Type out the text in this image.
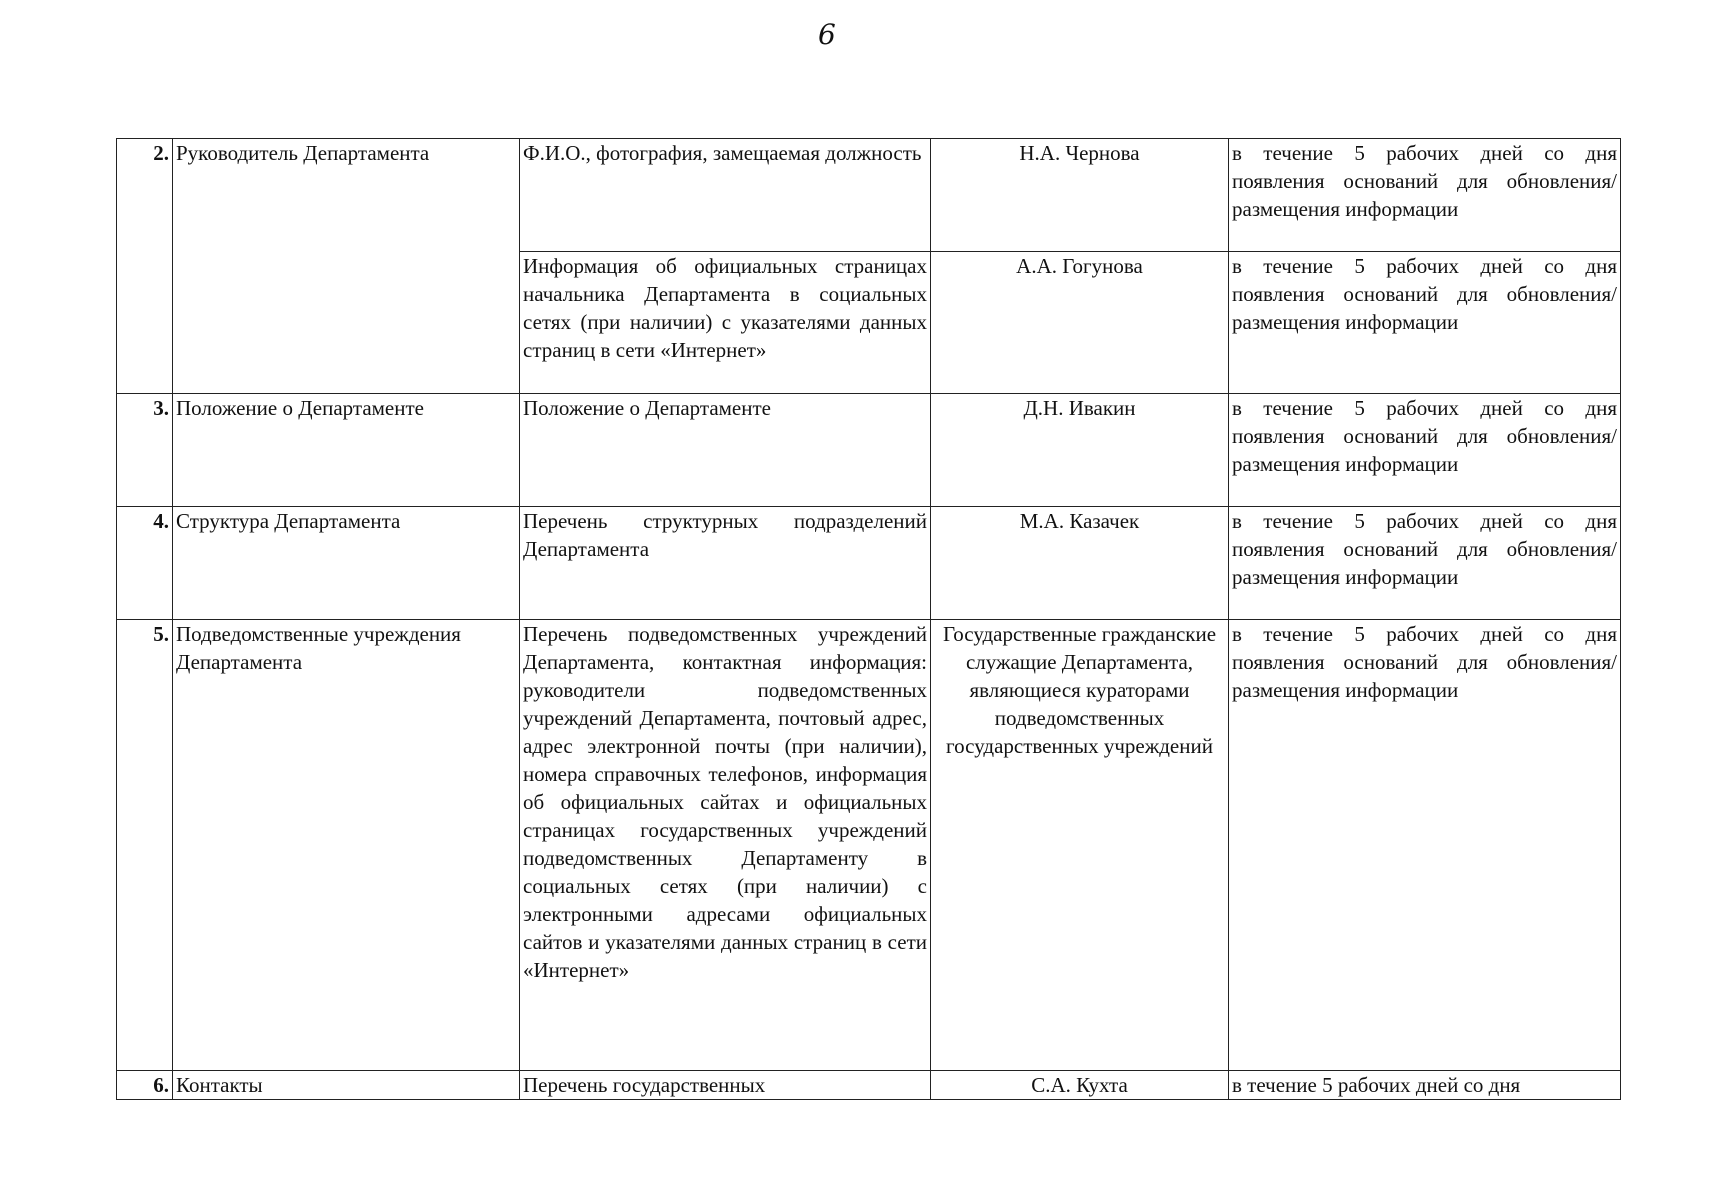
6
2.	Руководитель Департамента	Ф.И.О., фотография, замещаемая должность	Н.А. Чернова	в течение 5 рабочих дней со дня появления оснований для обновления/размещения информации
		Информация об официальных страницах начальника Департамента в социальных сетях (при наличии) с указателями данных страниц в сети «Интернет»	А.А. Гогунова	в течение 5 рабочих дней со дня появления оснований для обновления/размещения информации
3.	Положение о Департаменте	Положение о Департаменте	Д.Н. Ивакин	в течение 5 рабочих дней со дня появления оснований для обновления/размещения информации
4.	Структура Департамента	Перечень структурных подразделений Департамента	М.А. Казачек	в течение 5 рабочих дней со дня появления оснований для обновления/размещения информации
5.	Подведомственные учреждения Департамента	Перечень подведомственных учреждений Департамента, контактная информация: руководители подведомственных учреждений Департамента, почтовый адрес, адрес электронной почты (при наличии), номера справочных телефонов, информация об официальных сайтах и официальных страницах государственных учреждений подведомственных Департаменту в социальных сетях (при наличии) с электронными адресами официальных сайтов и указателями данных страниц в сети «Интернет»	Государственные гражданские служащие Департамента, являющиеся кураторами подведомственных государственных учреждений	в течение 5 рабочих дней со дня появления оснований для обновления/размещения информации
6.	Контакты	Перечень государственных	С.А. Кухта	в течение 5 рабочих дней со дня
